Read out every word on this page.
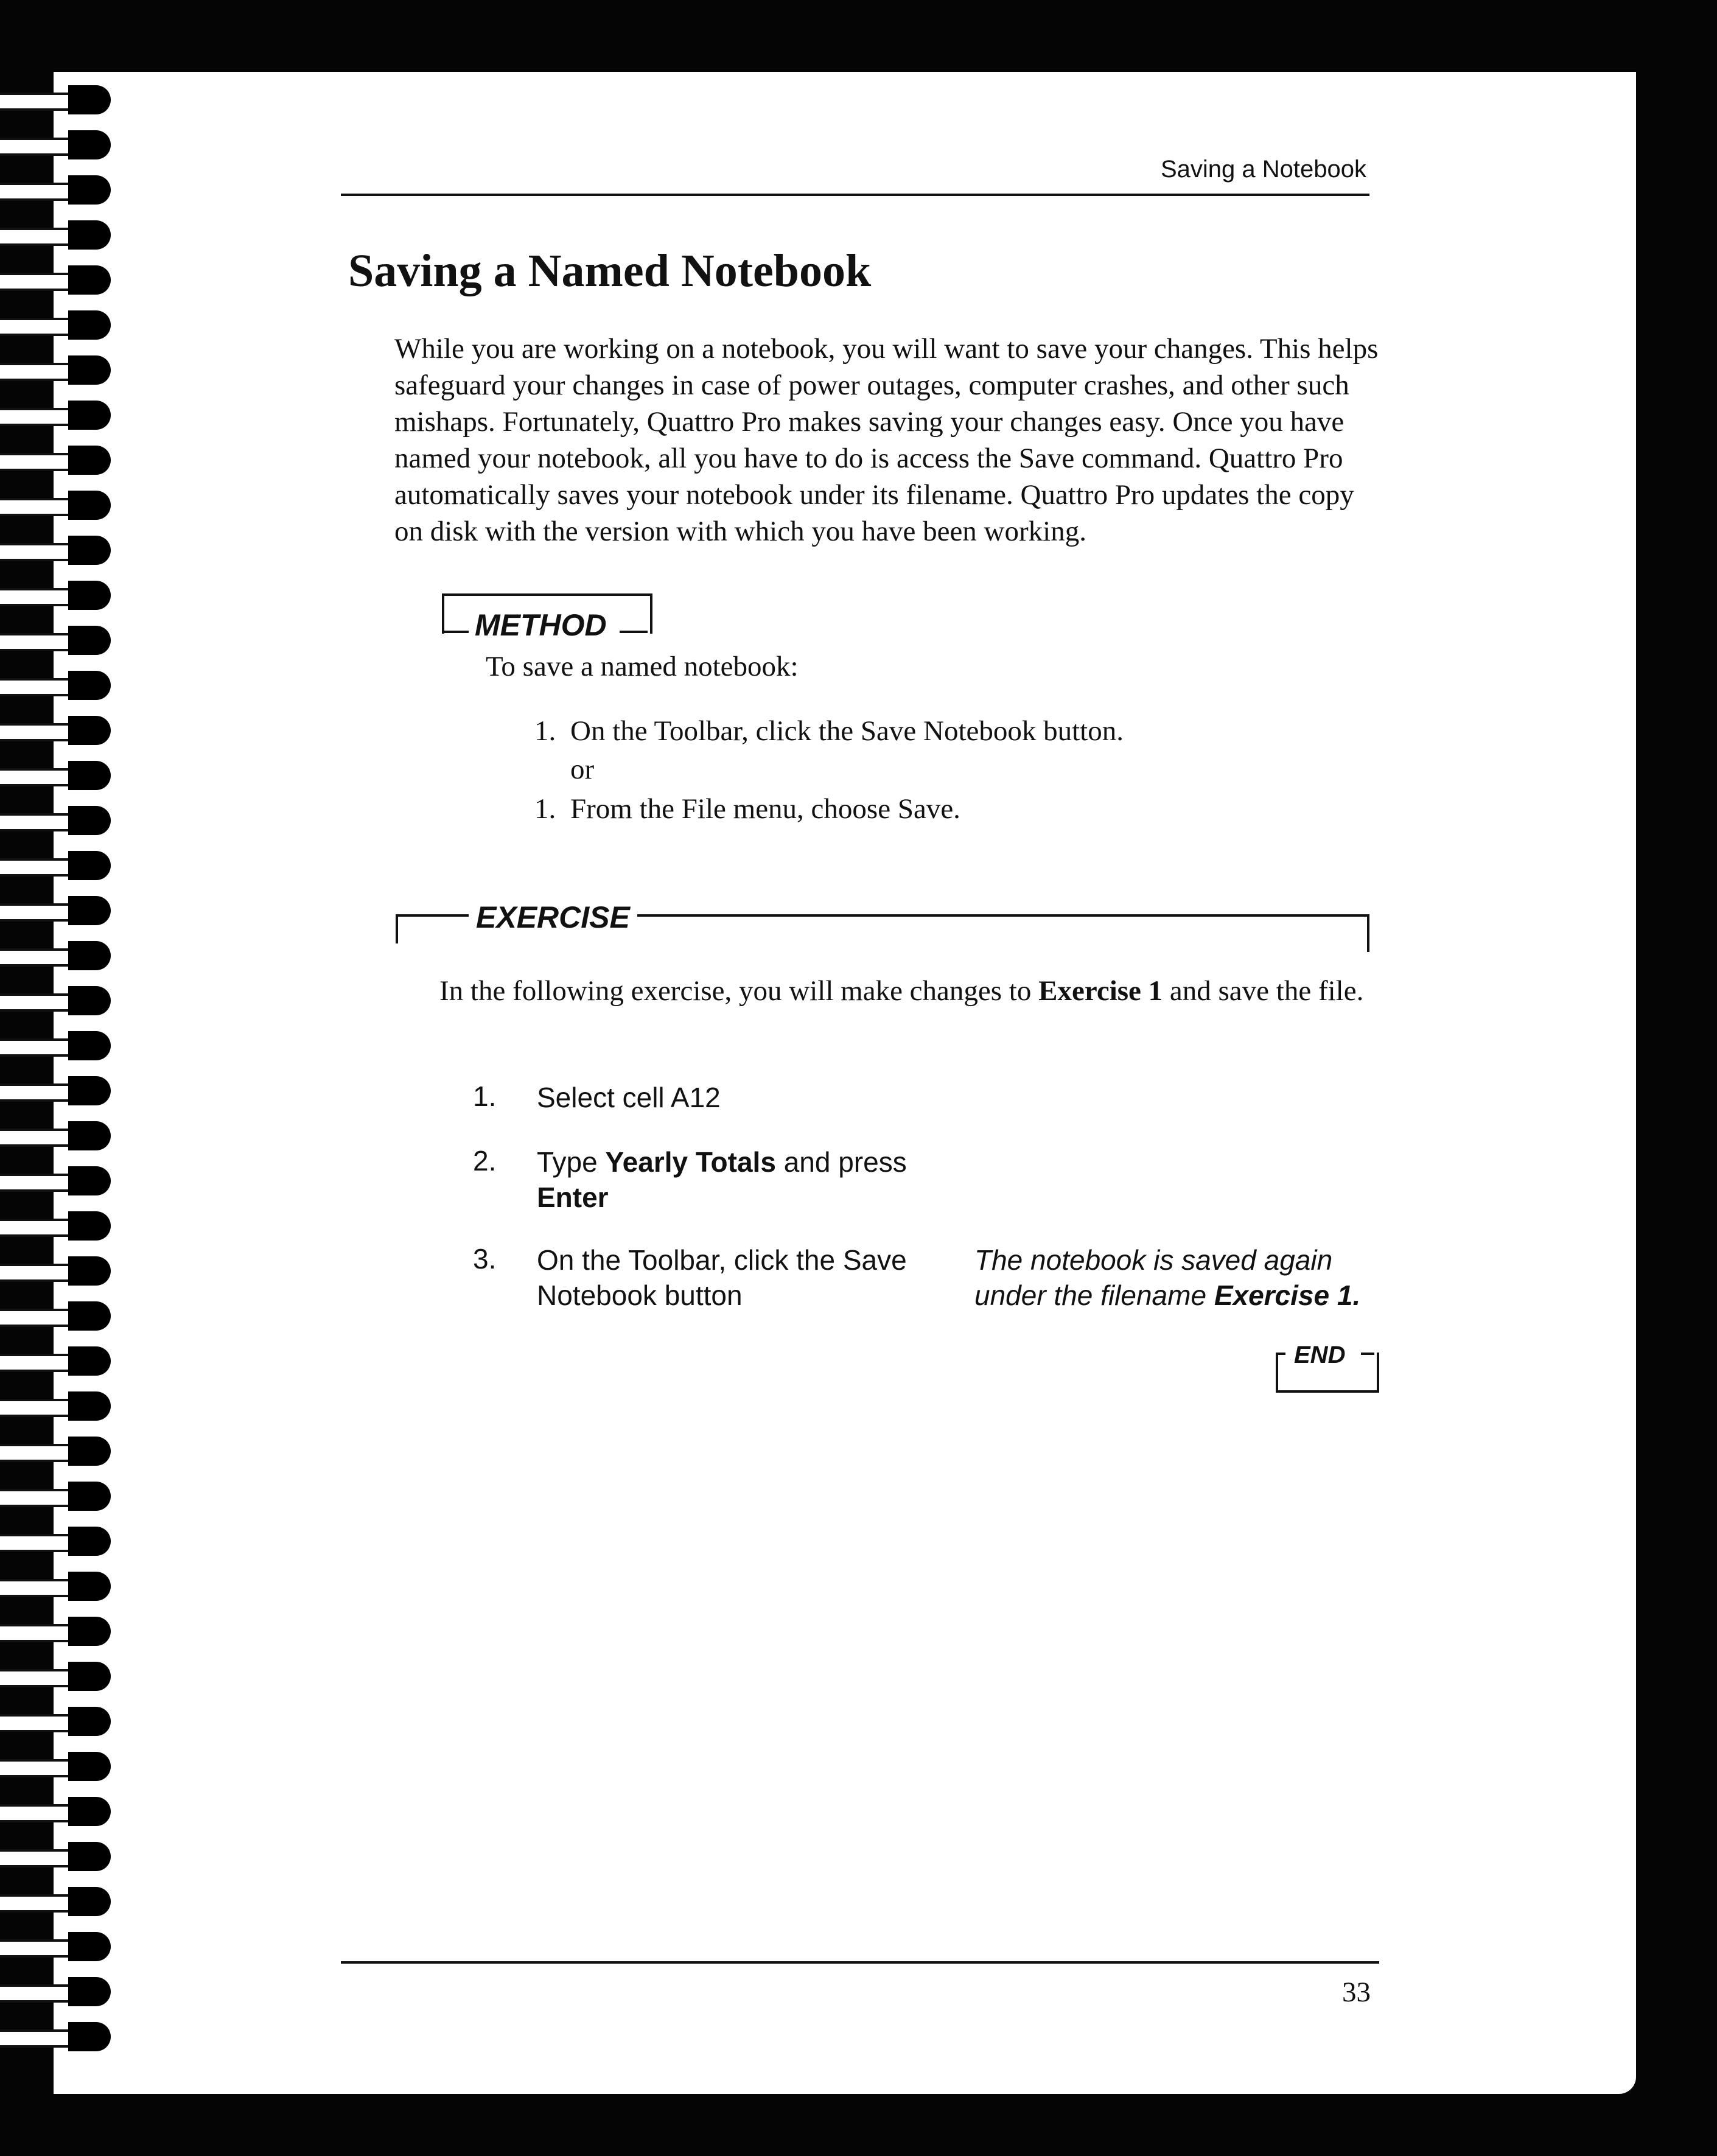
Saving a Notebook
Saving a Named Notebook
While you are working on a notebook, you will want to save your changes. This helps safeguard your changes in case of power outages, computer crashes, and other such mishaps. Fortunately, Quattro Pro makes saving your changes easy. Once you have named your notebook, all you have to do is access the Save command. Quattro Pro automatically saves your notebook under its filename. Quattro Pro updates the copy on disk with the version with which you have been working.
METHOD
To save a named notebook:
1. On the Toolbar, click the Save Notebook button.
or
1. From the File menu, choose Save.
EXERCISE
In the following exercise, you will make changes to Exercise 1 and save the file.
1. Select cell A12
2. Type Yearly Totals and press
Enter
3. On the Toolbar, click the Save Notebook button
The notebook is saved again under the filename Exercise 1.
END
33
